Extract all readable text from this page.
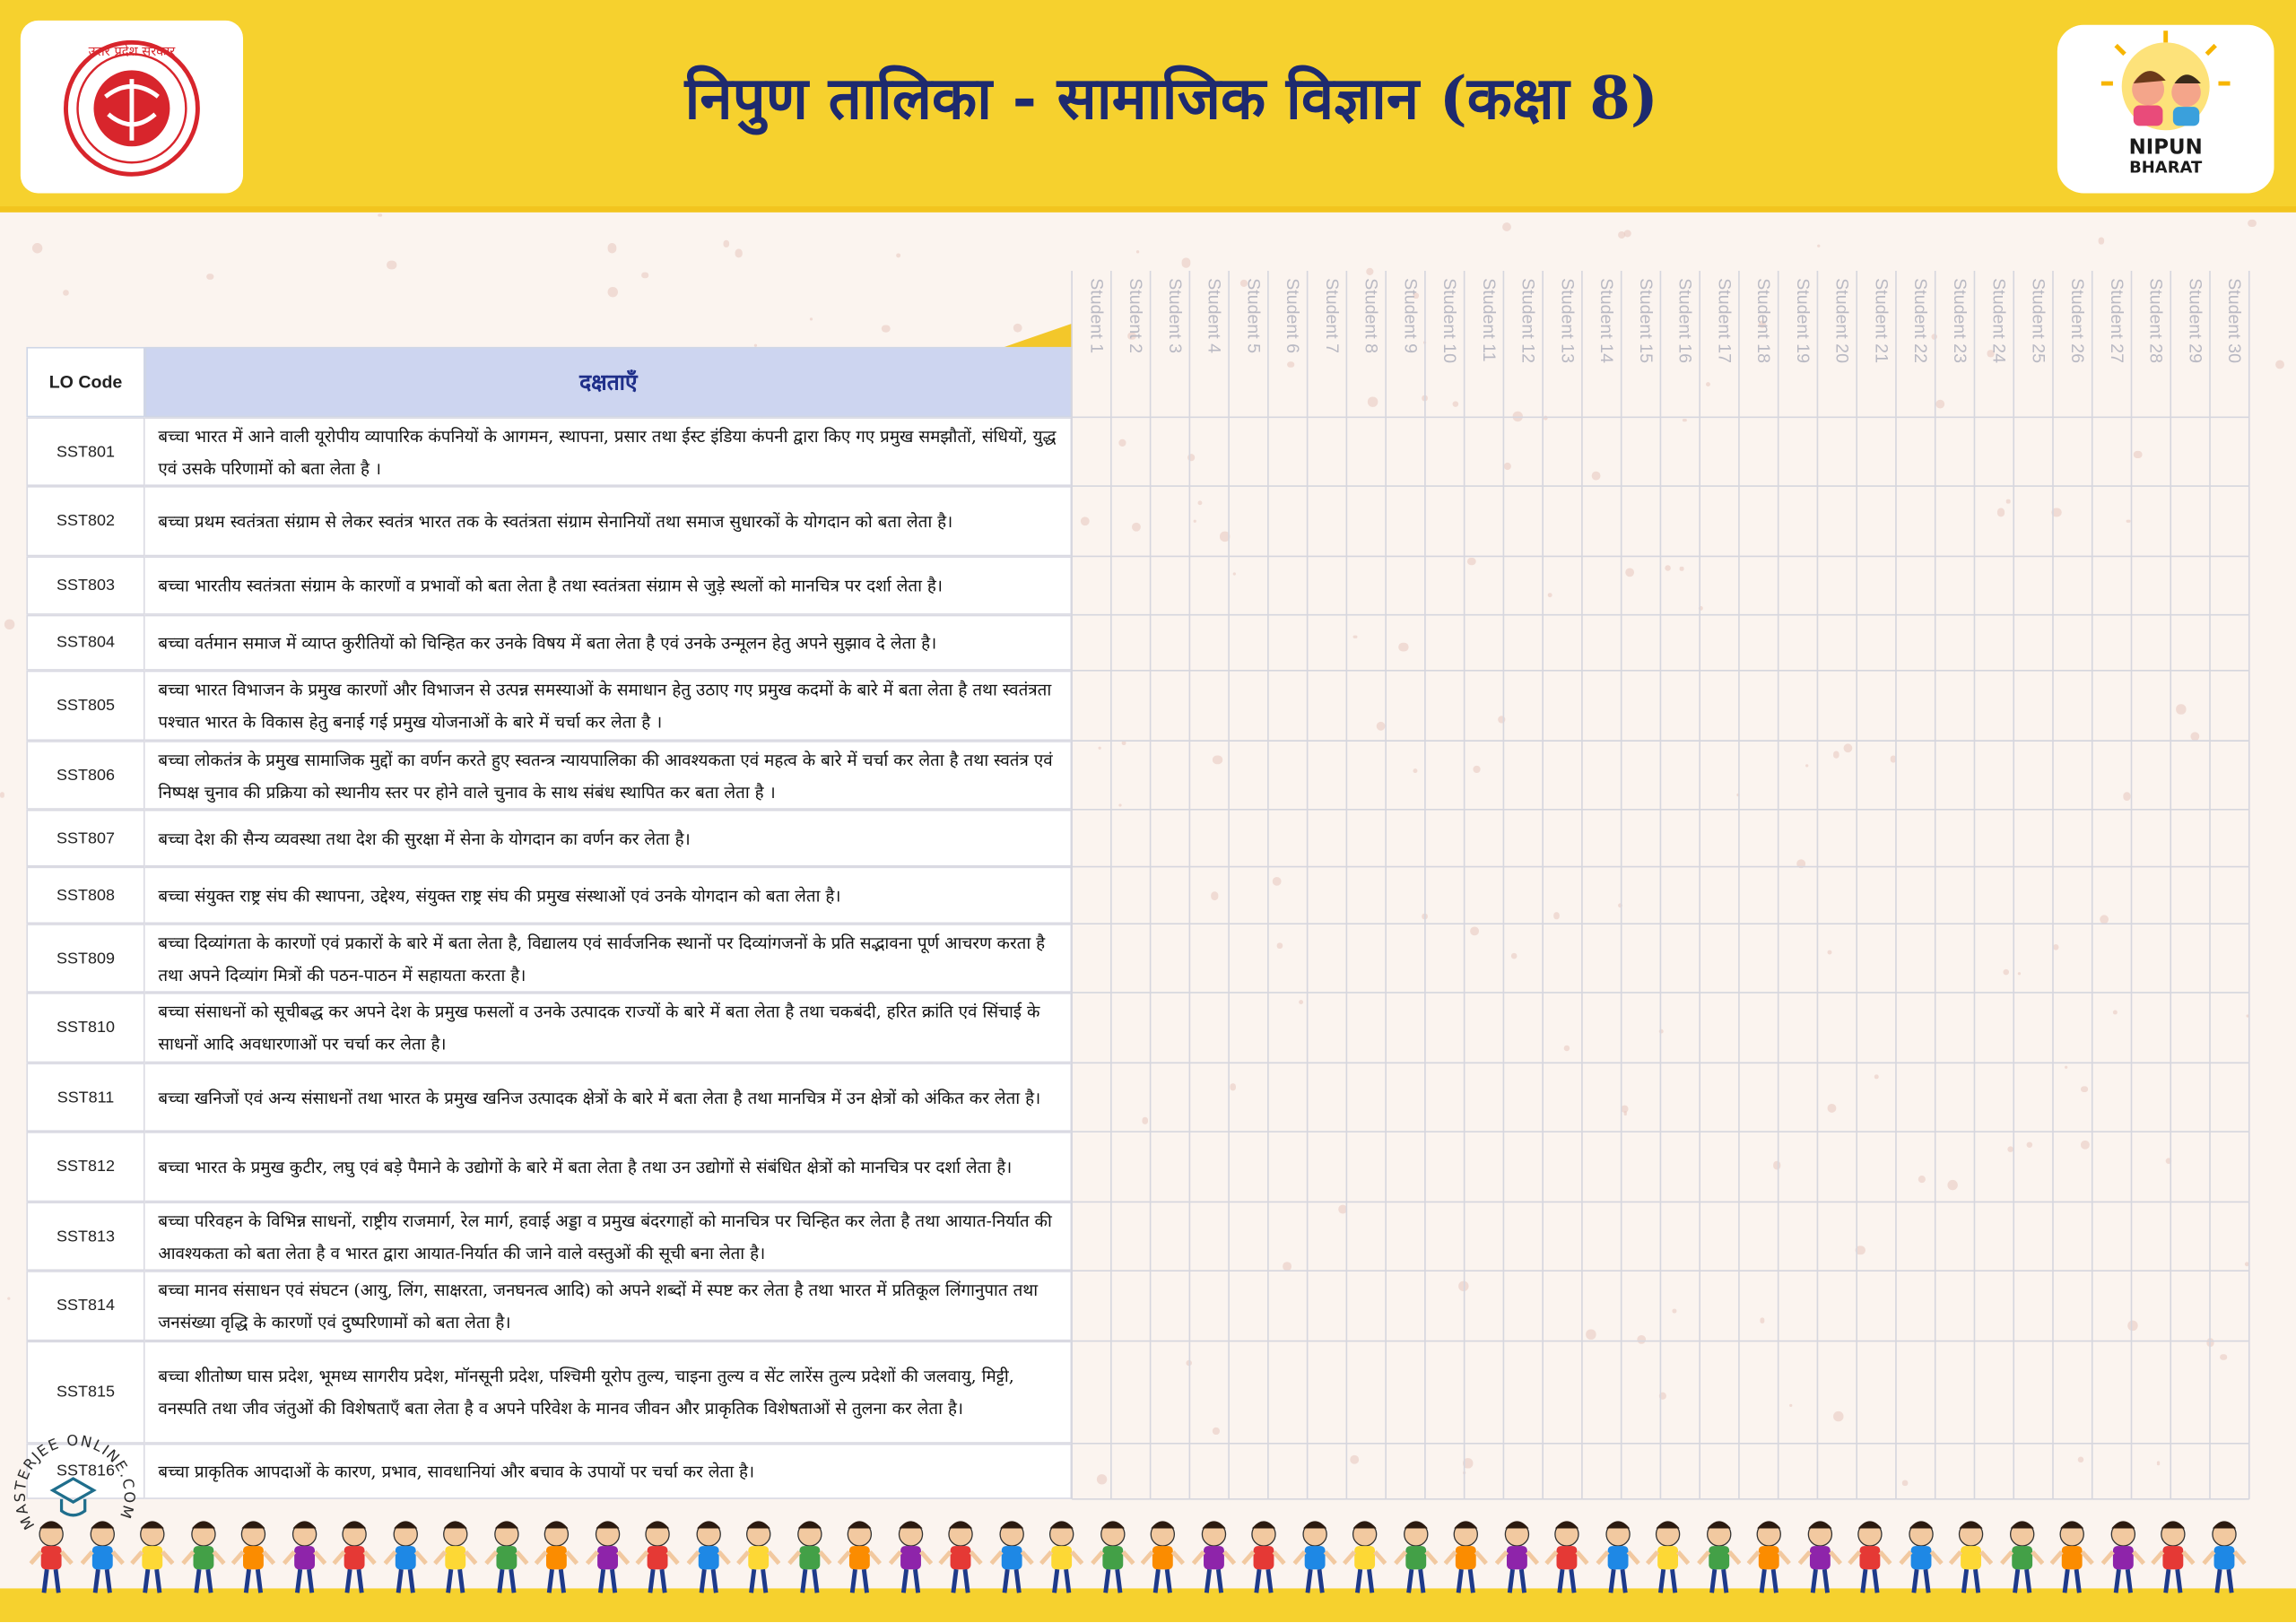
उत्तर प्रदेश सरकार
निपुण तालिका - सामाजिक विज्ञान (कक्षा 8)
NIPUN
BHARAT
Student 1	Student 2	Student 3	Student 4	Student 5	Student 6	Student 7	Student 8	Student 9	Student 10	Student 11	Student 12	Student 13	Student 14	Student 15	Student 16	Student 17	Student 18	Student 19	Student 20	Student 21	Student 22	Student 23	Student 24	Student 25	Student 26	Student 27	Student 28	Student 29	Student 30
LO Code	दक्षताएँ
SST801
बच्चा भारत में आने वाली यूरोपीय व्यापारिक कंपनियों के आगमन, स्थापना, प्रसार तथा ईस्ट इंडिया कंपनी द्वारा किए गए प्रमुख समझौतों, संधियों, युद्ध एवं उसके परिणामों को बता लेता है ।
SST802	बच्चा प्रथम स्वतंत्रता संग्राम से लेकर स्वतंत्र भारत तक के स्वतंत्रता संग्राम सेनानियों तथा समाज सुधारकों के योगदान को बता लेता है।
SST803	बच्चा भारतीय स्वतंत्रता संग्राम के कारणों व प्रभावों को बता लेता है तथा स्वतंत्रता संग्राम से जुड़े स्थलों को मानचित्र पर दर्शा लेता है।
SST804	बच्चा वर्तमान समाज में व्याप्त कुरीतियों को चिन्हित कर उनके विषय में बता लेता है एवं उनके उन्मूलन हेतु अपने सुझाव दे लेता है।
SST805
बच्चा भारत विभाजन के प्रमुख कारणों और विभाजन से उत्पन्न समस्याओं के समाधान हेतु उठाए गए प्रमुख कदमों के बारे में बता लेता है तथा स्वतंत्रता पश्चात भारत के विकास हेतु बनाई गई प्रमुख योजनाओं के बारे में चर्चा कर लेता है ।
SST806
बच्चा लोकतंत्र के प्रमुख सामाजिक मुद्दों का वर्णन करते हुए स्वतन्त्र न्यायपालिका की आवश्यकता एवं महत्व के बारे में चर्चा कर लेता है तथा स्वतंत्र एवं निष्पक्ष चुनाव की प्रक्रिया को स्थानीय स्तर पर होने वाले चुनाव के साथ संबंध स्थापित कर बता लेता है ।
SST807	बच्चा देश की सैन्य व्यवस्था तथा देश की सुरक्षा में सेना के योगदान का वर्णन कर लेता है।
SST808	बच्चा संयुक्त राष्ट्र संघ की स्थापना, उद्देश्य, संयुक्त राष्ट्र संघ की प्रमुख संस्थाओं एवं उनके योगदान को बता लेता है।
SST809
बच्चा दिव्यांगता के कारणों एवं प्रकारों के बारे में बता लेता है, विद्यालय एवं सार्वजनिक स्थानों पर दिव्यांगजनों के प्रति सद्भावना पूर्ण आचरण करता है तथा अपने दिव्यांग मित्रों की पठन-पाठन में सहायता करता है।
SST810
बच्चा संसाधनों को सूचीबद्ध कर अपने देश के प्रमुख फसलों व उनके उत्पादक राज्यों के बारे में बता लेता है तथा चकबंदी, हरित क्रांति एवं सिंचाई के साधनों आदि अवधारणाओं पर चर्चा कर लेता है।
SST811	बच्चा खनिजों एवं अन्य संसाधनों तथा भारत के प्रमुख खनिज उत्पादक क्षेत्रों के बारे में बता लेता है तथा मानचित्र में उन क्षेत्रों को अंकित कर लेता है।
SST812	बच्चा भारत के प्रमुख कुटीर, लघु एवं बड़े पैमाने के उद्योगों के बारे में बता लेता है तथा उन उद्योगों से संबंधित क्षेत्रों को मानचित्र पर दर्शा लेता है।
SST813
बच्चा परिवहन के विभिन्न साधनों, राष्ट्रीय राजमार्ग, रेल मार्ग, हवाई अड्डा व प्रमुख बंदरगाहों को मानचित्र पर चिन्हित कर लेता है तथा आयात-निर्यात की आवश्यकता को बता लेता है व भारत द्वारा आयात-निर्यात की जाने वाले वस्तुओं की सूची बना लेता है।
SST814
बच्चा मानव संसाधन एवं संघटन (आयु, लिंग, साक्षरता, जनघनत्व आदि) को अपने शब्दों में स्पष्ट कर लेता है तथा भारत में प्रतिकूल लिंगानुपात तथा जनसंख्या वृद्धि के कारणों एवं दुष्परिणामों को बता लेता है।
SST815
बच्चा शीतोष्ण घास प्रदेश, भूमध्य सागरीय प्रदेश, मॉनसूनी प्रदेश, पश्चिमी यूरोप तुल्य, चाइना तुल्य व सेंट लारेंस तुल्य प्रदेशों की जलवायु, मिट्टी, वनस्पति तथा जीव जंतुओं की विशेषताएँ बता लेता है व अपने परिवेश के मानव जीवन और प्राकृतिक विशेषताओं से तुलना कर लेता है।
SST816	बच्चा प्राकृतिक आपदाओं के कारण, प्रभाव, सावधानियां और बचाव के उपायों पर चर्चा कर लेता है।
MASTERJEE ONLINE.COM
